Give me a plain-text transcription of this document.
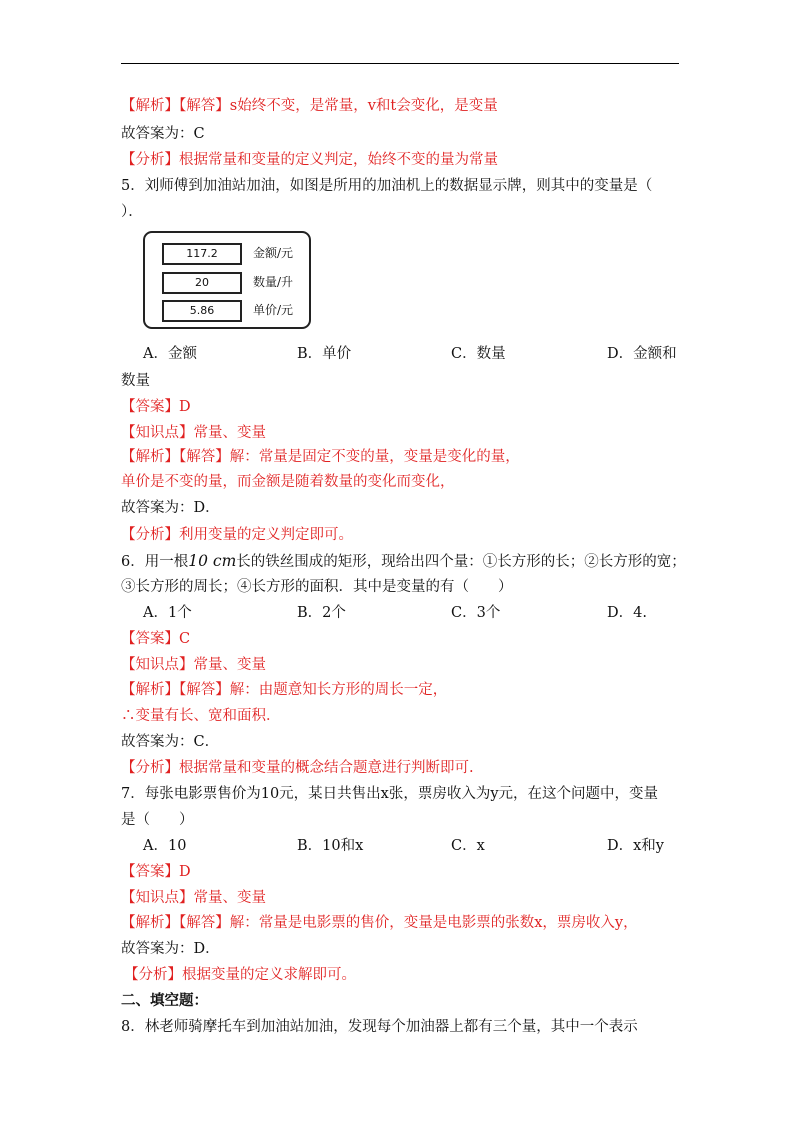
【解析】【解答】s始终不变，是常量，v和t会变化，是变量
故答案为：C
【分析】根据常量和变量的定义判定，始终不变的量为常量
5．刘师傅到加油站加油，如图是所用的加油机上的数据显示牌，则其中的变量是（
）．
117.2	金额/元
20	数量/升
5.86	单价/元
A．金额	B．单价	C．数量	D．金额和
数量
【答案】D
【知识点】常量、变量
【解析】【解答】解：常量是固定不变的量，变量是变化的量，
单价是不变的量，而金额是随着数量的变化而变化，
故答案为：D．
【分析】利用变量的定义判定即可。
6．用一根10 cm长的铁丝围成的矩形，现给出四个量：①长方形的长；②长方形的宽；
③长方形的周长；④长方形的面积．其中是变量的有（　　）
A．1个	B．2个	C．3个	D．4.
【答案】C
【知识点】常量、变量
【解析】【解答】解：由题意知长方形的周长一定，
∴变量有长、宽和面积．
故答案为：C．
【分析】根据常量和变量的概念结合题意进行判断即可.
7．每张电影票售价为10元，某日共售出x张，票房收入为y元，在这个问题中，变量
是（　　）
A．10	B．10和x	C．x	D．x和y
【答案】D
【知识点】常量、变量
【解析】【解答】解：常量是电影票的售价，变量是电影票的张数x，票房收入y，
故答案为：D．
【分析】根据变量的定义求解即可。
二、填空题：
8．林老师骑摩托车到加油站加油，发现每个加油器上都有三个量，其中一个表示
